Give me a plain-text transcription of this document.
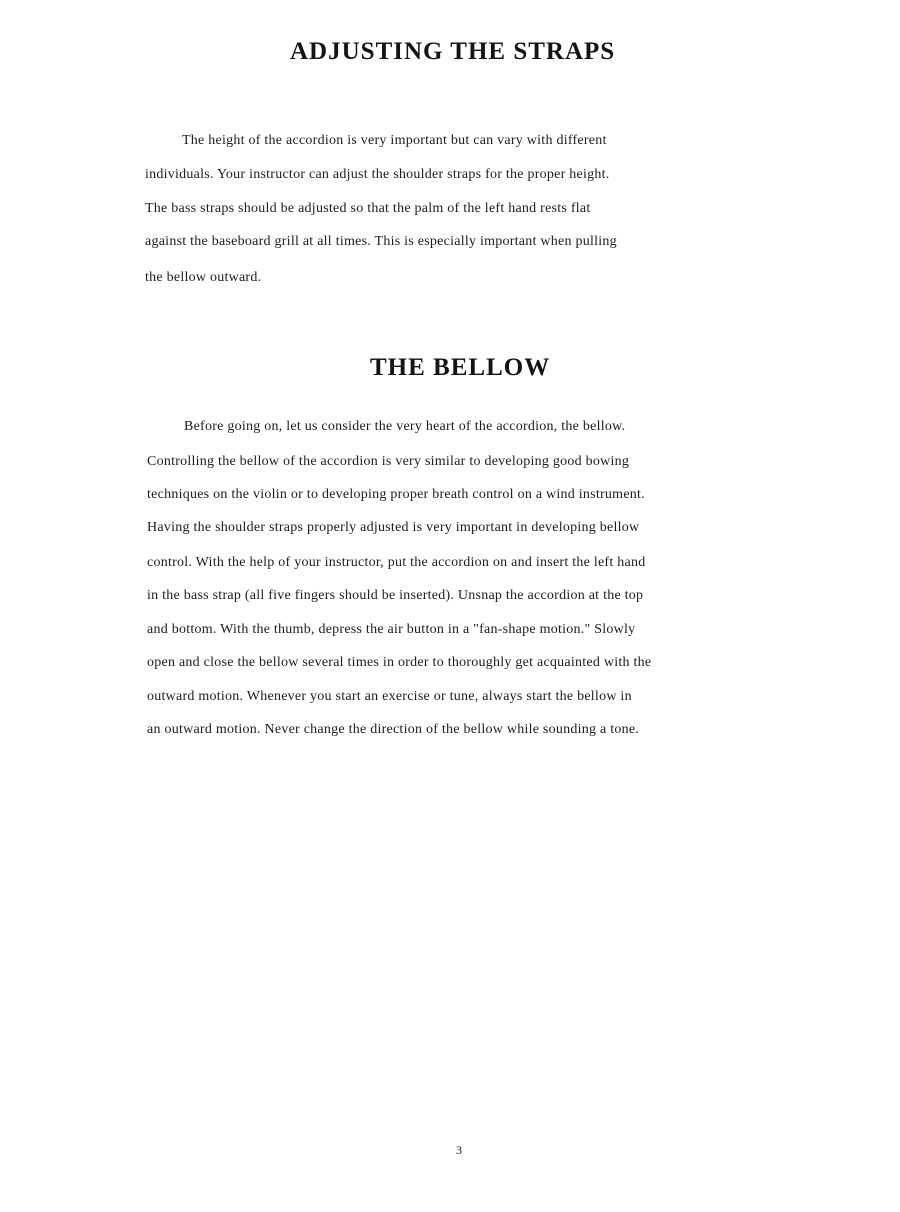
ADJUSTING THE STRAPS

The height of the accordion is very important but can vary with different

individuals. Your instructor can adjust the shoulder straps for the proper height.

The bass straps should be adjusted so that the palm of the left hand rests flat

against the baseboard grill at all times. This is especially important when pulling

the bellow outward.

THE BELLOW

Before going on, let us consider the very heart of the accordion, the bellow.

Controlling the bellow of the accordion is very similar to developing good bowing

techniques on the violin or to developing proper breath control on a wind instrument.

Having the shoulder straps properly adjusted is very important in developing bellow

control. With the help of your instructor, put the accordion on and insert the left hand

in the bass strap (all five fingers should be inserted). Unsnap the accordion at the top

and bottom. With the thumb, depress the air button in a "fan-shape motion." Slowly

open and close the bellow several times in order to thoroughly get acquainted with the

outward motion. Whenever you start an exercise or tune, always start the bellow in

an outward motion. Never change the direction of the bellow while sounding a tone.

3
